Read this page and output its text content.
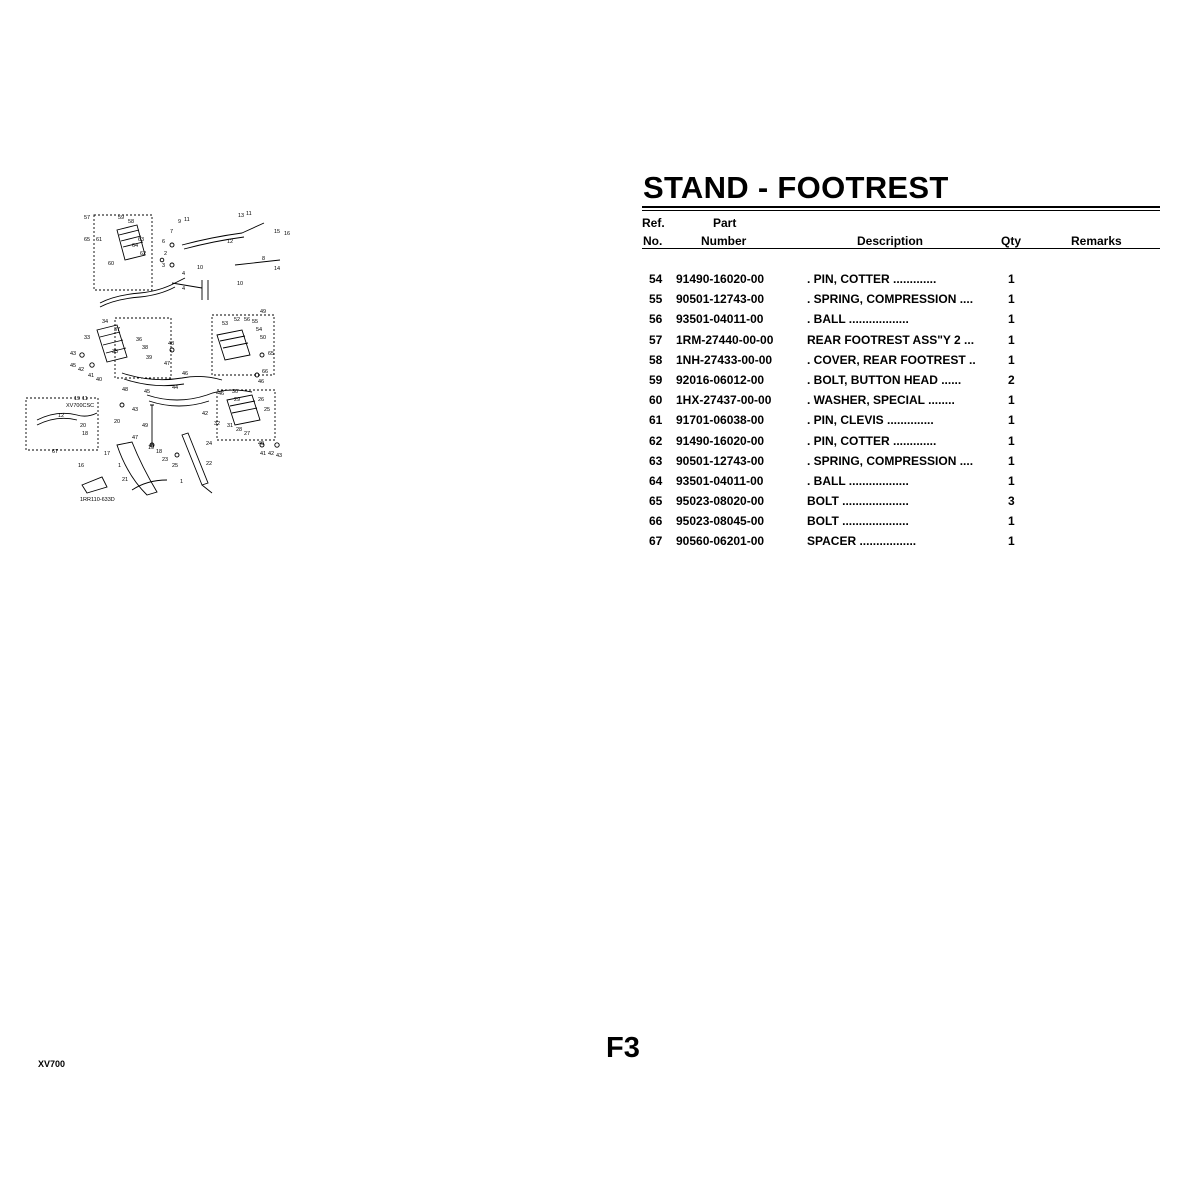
57	59
58
65 61
64
63
62
60
6
2
3
7
9 11
4
10
12
13 11
10
15 16
8
14
4
34
33
37
36
38
35
39
43
45
42
41
40
48
47
46
49
53
52 56 55
54
50
65
66
46
XV700CSC
12
19 11
20
67
18
16
17
48	45
43
44
46 30
29	26
25
42
32 31
28
27
40
41 42 43
20
49
47
19
18
23
25	22
24
1
21	1
1RR110-633D
STAND - FOOTREST
Ref.
No.
Part
Number	Description	Qty	Remarks
54 91490-16020-00	. PIN, COTTER .............	1
55 90501-12743-00	. SPRING, COMPRESSION ....	1
56 93501-04011-00	. BALL ..................	1
57 1RM-27440-00-00	REAR FOOTREST ASS"Y 2 ...	1
58 1NH-27433-00-00	. COVER, REAR FOOTREST ..	1
59 92016-06012-00	. BOLT, BUTTON HEAD ......	2
60 1HX-27437-00-00	. WASHER, SPECIAL ........	1
61 91701-06038-00	. PIN, CLEVIS ..............	1
62 91490-16020-00	. PIN, COTTER .............	1
63 90501-12743-00	. SPRING, COMPRESSION ....	1
64 93501-04011-00	. BALL ..................	1
65 95023-08020-00	BOLT ....................	3
66 95023-08045-00	BOLT ....................	1
67 90560-06201-00	SPACER .................	1
F3
XV700
